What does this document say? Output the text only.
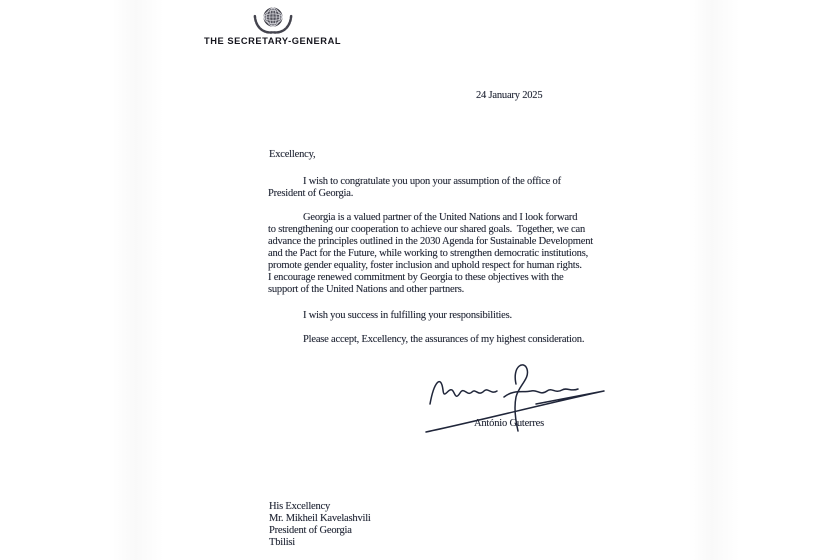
THE SECRETARY-GENERAL
24 January 2025
Excellency,
I wish to congratulate you upon your assumption of the office of
President of Georgia.
Georgia is a valued partner of the United Nations and I look forward
to strengthening our cooperation to achieve our shared goals.  Together, we can
advance the principles outlined in the 2030 Agenda for Sustainable Development
and the Pact for the Future, while working to strengthen democratic institutions,
promote gender equality, foster inclusion and uphold respect for human rights.
I encourage renewed commitment by Georgia to these objectives with the
support of the United Nations and other partners.
I wish you success in fulfilling your responsibilities.
Please accept, Excellency, the assurances of my highest consideration.
António Guterres
His Excellency
Mr. Mikheil Kavelashvili
President of Georgia
Tbilisi
